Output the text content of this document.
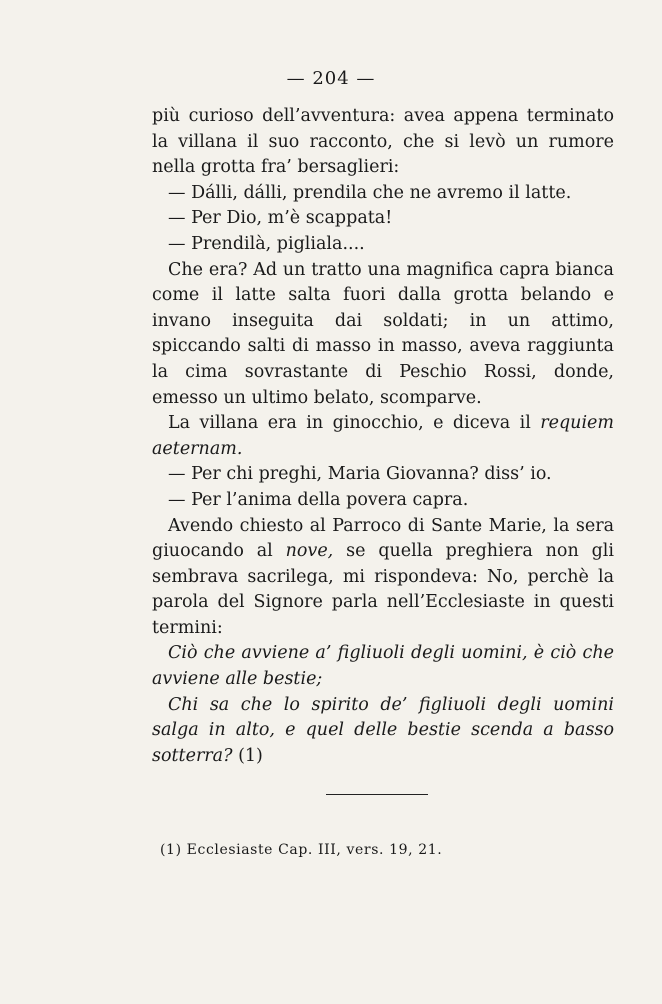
— 204 —

più curioso dell’avventura: avea appena terminato la villana il suo racconto, che si levò un rumore nella grotta fra’ bersaglieri:

— Dálli, dálli, prendila che ne avremo il latte.

— Per Dio, m’è scappata!

— Prendilà, pigliala....

Che era? Ad un tratto una magnifica capra bianca come il latte salta fuori dalla grotta belando e invano inseguita dai soldati; in un attimo, spiccando salti di masso in masso, aveva raggiunta la cima sovrastante di Peschio Rossi, donde, emesso un ultimo belato, scomparve.

La villana era in ginocchio, e diceva il requiem aeternam.

— Per chi preghi, Maria Giovanna? diss’ io.

— Per l’anima della povera capra.

Avendo chiesto al Parroco di Sante Marie, la sera giuocando al nove, se quella preghiera non gli sembrava sacrilega, mi rispondeva: No, perchè la parola del Signore parla nell’Ecclesiaste in questi termini:

Ciò che avviene a’ figliuoli degli uomini, è ciò che avviene alle bestie;

Chi sa che lo spirito de’ figliuoli degli uomini salga in alto, e quel delle bestie scenda a basso sotterra? (1)

(1) Ecclesiaste Cap. III, vers. 19, 21.
